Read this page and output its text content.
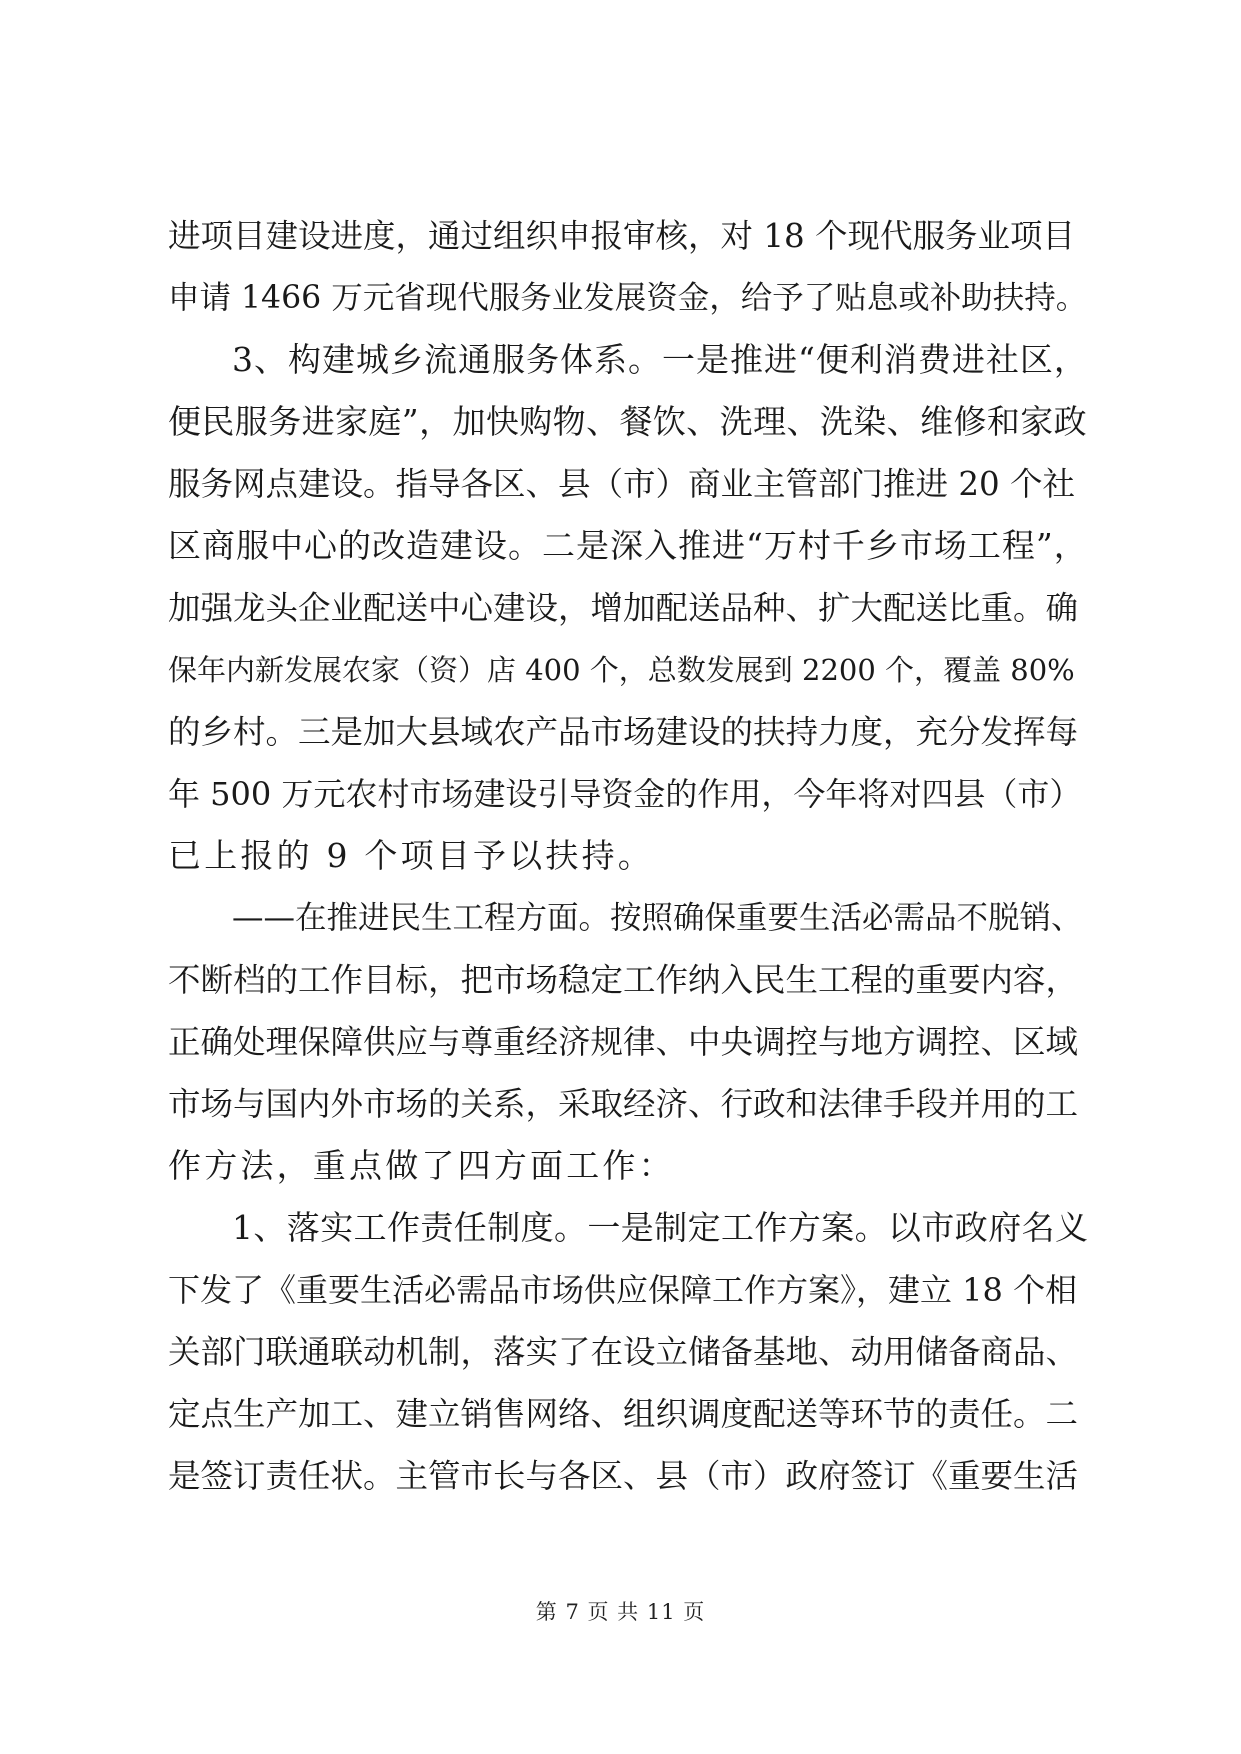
进项目建设进度，通过组织申报审核，对 18 个现代服务业项目
申请 1466 万元省现代服务业发展资金，给予了贴息或补助扶持。
3、构建城乡流通服务体系。一是推进“便利消费进社区，
便民服务进家庭”，加快购物、餐饮、洗理、洗染、维修和家政
服务网点建设。指导各区、县（市）商业主管部门推进 20 个社
区商服中心的改造建设。二是深入推进“万村千乡市场工程”，
加强龙头企业配送中心建设，增加配送品种、扩大配送比重。确
保年内新发展农家（资）店 400 个，总数发展到 2200 个，覆盖 80%
的乡村。三是加大县域农产品市场建设的扶持力度，充分发挥每
年 500 万元农村市场建设引导资金的作用，今年将对四县（市）
已上报的 9 个项目予以扶持。
——在推进民生工程方面。按照确保重要生活必需品不脱销、
不断档的工作目标，把市场稳定工作纳入民生工程的重要内容，
正确处理保障供应与尊重经济规律、中央调控与地方调控、区域
市场与国内外市场的关系，采取经济、行政和法律手段并用的工
作方法，重点做了四方面工作：
1、落实工作责任制度。一是制定工作方案。以市政府名义
下发了《重要生活必需品市场供应保障工作方案》，建立 18 个相
关部门联通联动机制，落实了在设立储备基地、动用储备商品、
定点生产加工、建立销售网络、组织调度配送等环节的责任。二
是签订责任状。主管市长与各区、县（市）政府签订《重要生活
第 7 页 共 11 页
